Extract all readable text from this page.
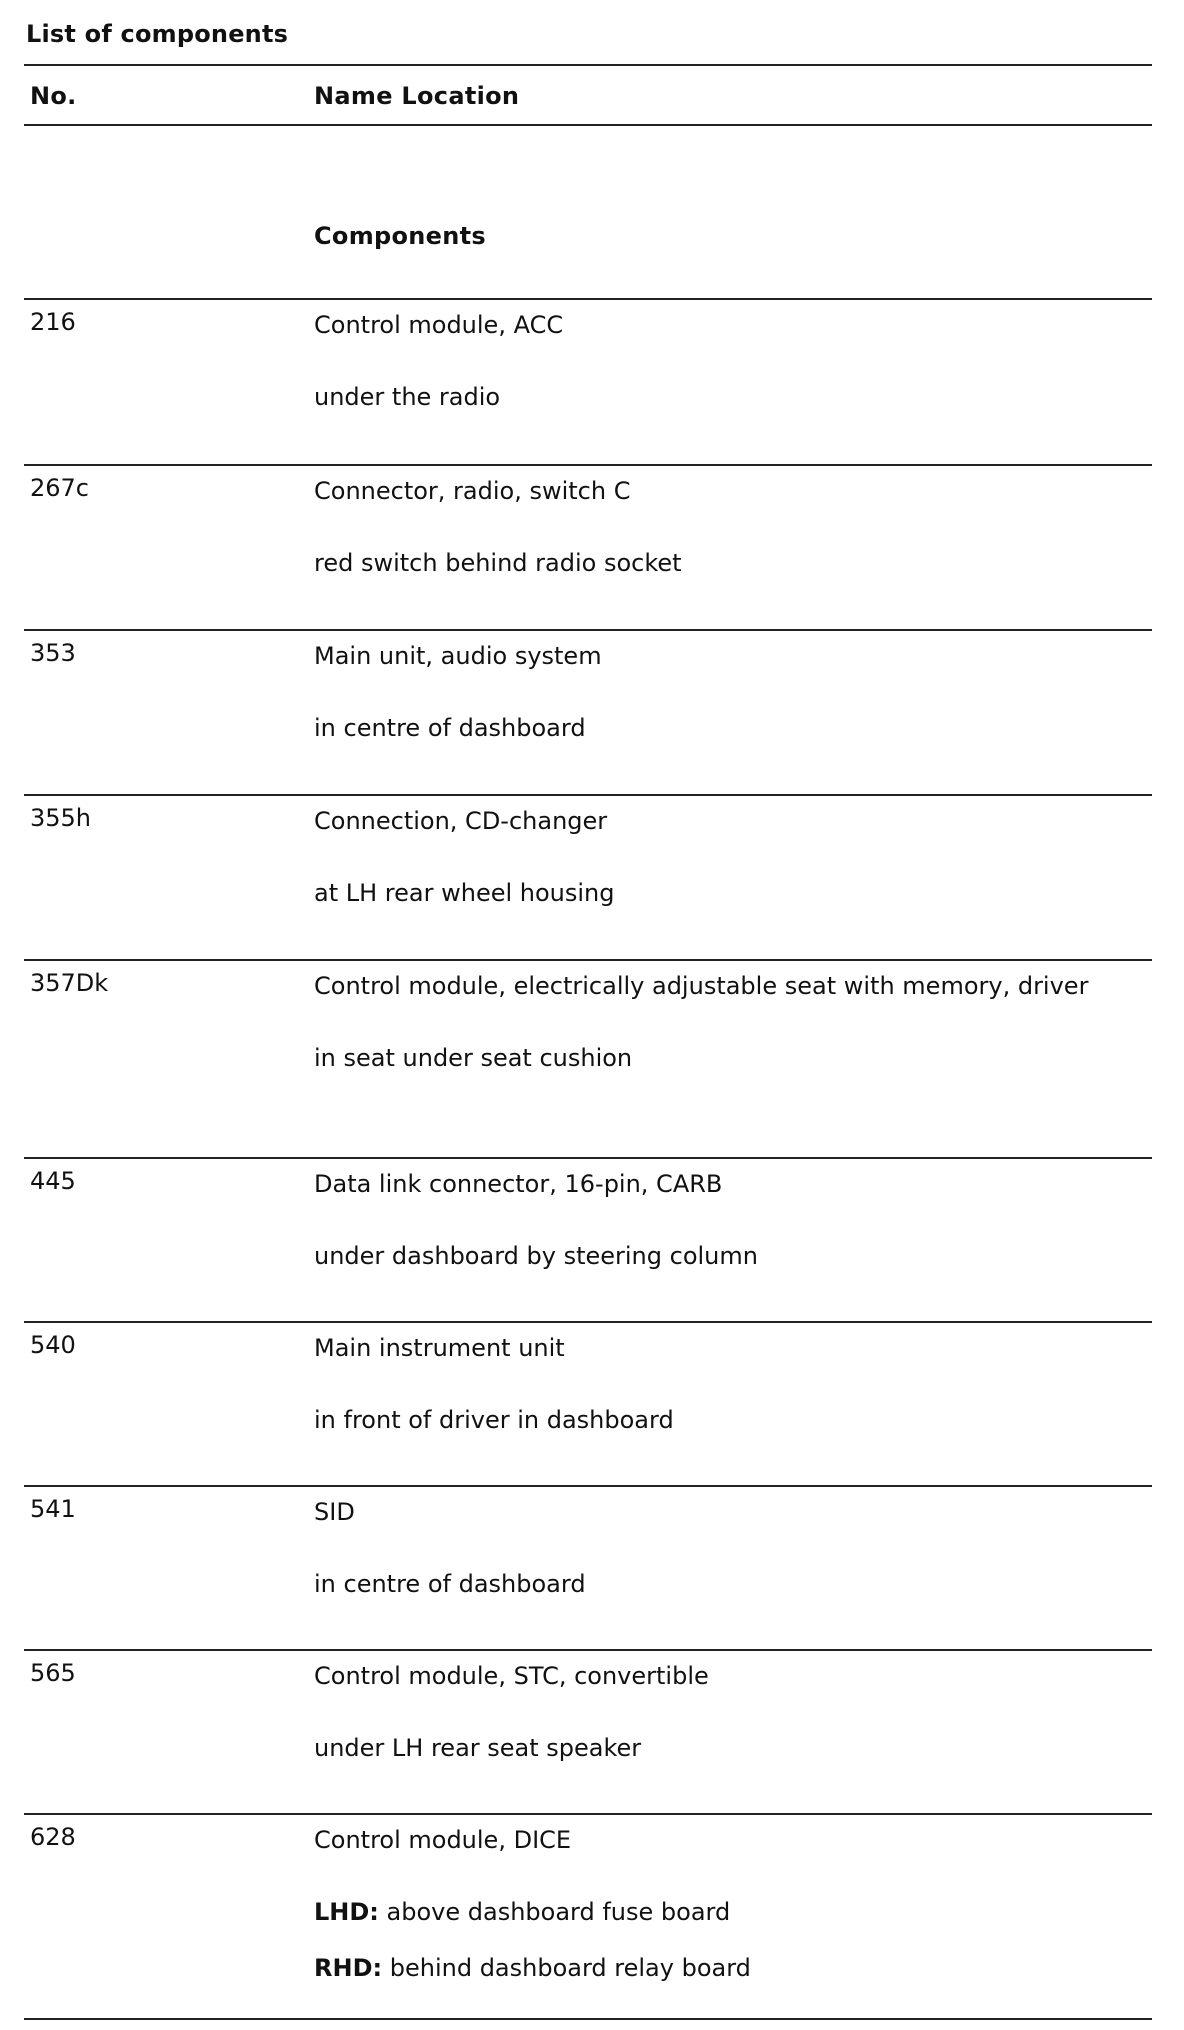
List of components
No.	Name Location
Components
216	Control module, ACC

under the radio

267c	Connector, radio, switch C

red switch behind radio socket

353	Main unit, audio system

in centre of dashboard

355h	Connection, CD-changer

at LH rear wheel housing

357Dk	Control module, electrically adjustable seat with memory, driver

in seat under seat cushion

445	Data link connector, 16-pin, CARB

under dashboard by steering column

540	Main instrument unit

in front of driver in dashboard

541	SID

in centre of dashboard

565	Control module, STC, convertible

under LH rear seat speaker

628	Control module, DICE

LHD: above dashboard fuse board

RHD: behind dashboard relay board
